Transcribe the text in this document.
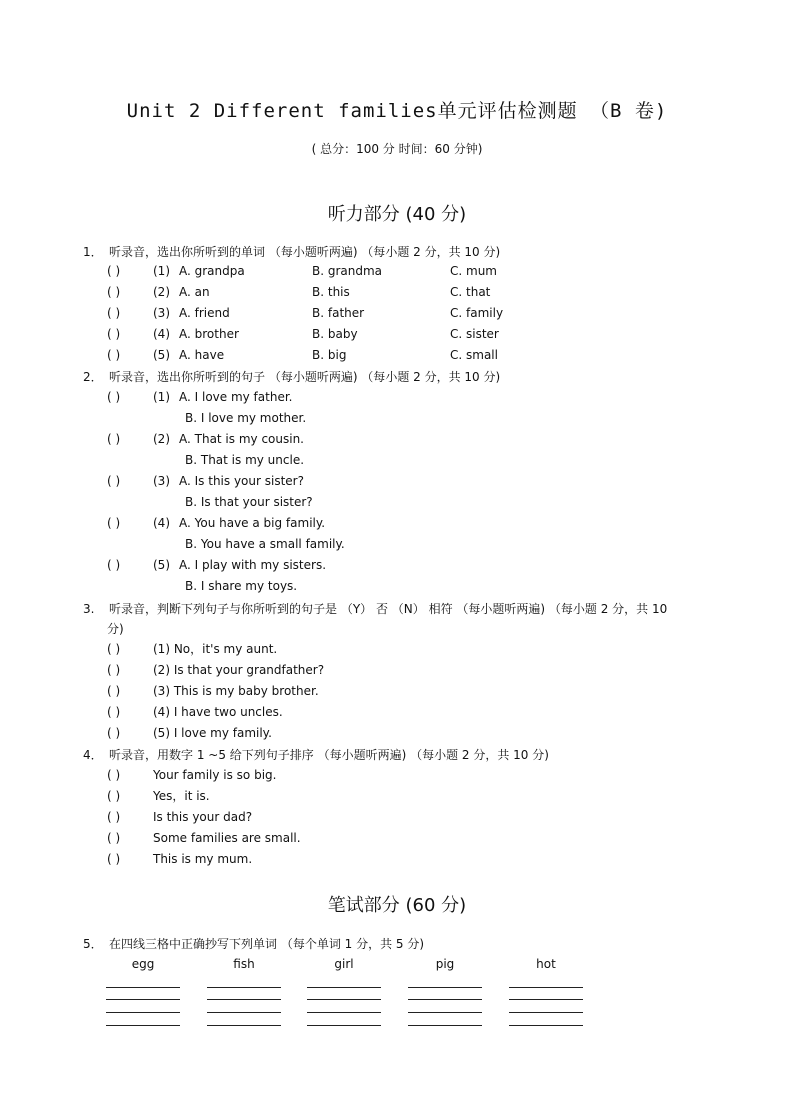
Unit 2 Different families单元评估检测题 （B 卷)
( 总分：100 分 时间：60 分钟)
听力部分 (40 分)
1． 听录音，选出你所听到的单词 （每小题听两遍) （每小题 2 分，共 10 分)
( )	(1) A. grandpa	B. grandma	C. mum
( )	(2) A. an	B. this	C. that
( )	(3) A. friend	B. father	C. family
( )	(4) A. brother	B. baby	C. sister
( )	(5) A. have	B. big	C. small
2． 听录音，选出你所听到的句子 （每小题听两遍) （每小题 2 分，共 10 分)
( )	(1) A. I love my father.
B. I love my mother.
( )	(2) A. That is my cousin.
B. That is my uncle.
( )	(3) A. Is this your sister?
B. Is that your sister?
( )	(4) A. You have a big family.
B. You have a small family.
( )	(5) A. I play with my sisters.
B. I share my toys.
3. 听录音，判断下列句子与你所听到的句子是 （Y） 否 （N） 相符 （每小题听两遍) （每小题 2 分，共 10
分)
( )	(1) No，it's my aunt.
( )	(2) Is that your grandfather?
( )	(3) This is my baby brother.
( )	(4) I have two uncles.
( )	(5) I love my family.
4． 听录音，用数字 1 ~5 给下列句子排序 （每小题听两遍) （每小题 2 分，共 10 分)
( )	Your family is so big.
( )	Yes，it is.
( )	Is this your dad?
( )	Some families are small.
( )	This is my mum.
笔试部分 (60 分)
5． 在四线三格中正确抄写下列单词 （每个单词 1 分，共 5 分)
egg	fish	girl	pig	hot
